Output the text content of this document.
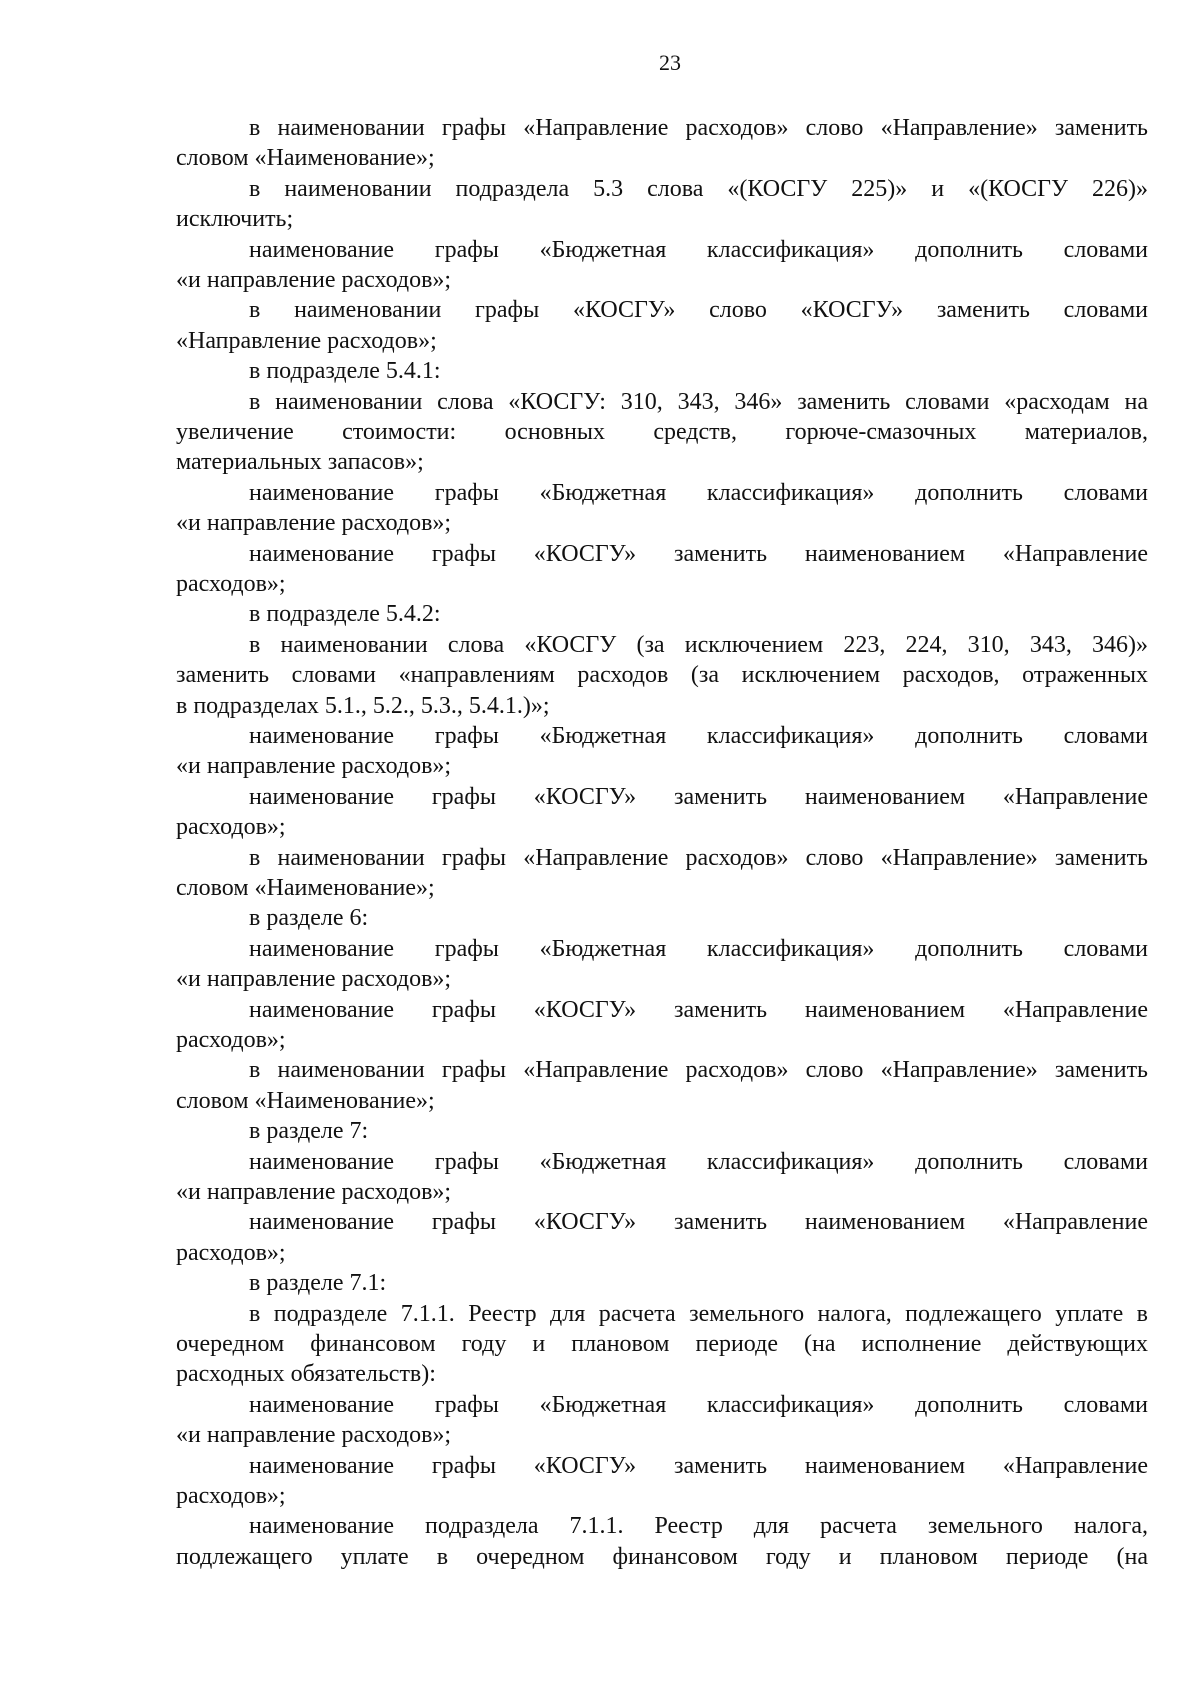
23
в наименовании графы «Направление расходов» слово «Направление» заменить
словом «Наименование»;
в наименовании подраздела 5.3 слова «(КОСГУ 225)» и «(КОСГУ 226)»
исключить;
наименование графы «Бюджетная классификация» дополнить словами
«и направление расходов»;
в наименовании графы «КОСГУ» слово «КОСГУ» заменить словами
«Направление расходов»;
в подразделе 5.4.1:
в наименовании слова «КОСГУ: 310, 343, 346» заменить словами «расходам на
увеличение стоимости: основных средств, горюче-смазочных материалов,
материальных запасов»;
наименование графы «Бюджетная классификация» дополнить словами
«и направление расходов»;
наименование графы «КОСГУ» заменить наименованием «Направление
расходов»;
в подразделе 5.4.2:
в наименовании слова «КОСГУ (за исключением 223, 224, 310, 343, 346)»
заменить словами «направлениям расходов (за исключением расходов, отраженных
в подразделах 5.1., 5.2., 5.3., 5.4.1.)»;
наименование графы «Бюджетная классификация» дополнить словами
«и направление расходов»;
наименование графы «КОСГУ» заменить наименованием «Направление
расходов»;
в наименовании графы «Направление расходов» слово «Направление» заменить
словом «Наименование»;
в разделе 6:
наименование графы «Бюджетная классификация» дополнить словами
«и направление расходов»;
наименование графы «КОСГУ» заменить наименованием «Направление
расходов»;
в наименовании графы «Направление расходов» слово «Направление» заменить
словом «Наименование»;
в разделе 7:
наименование графы «Бюджетная классификация» дополнить словами
«и направление расходов»;
наименование графы «КОСГУ» заменить наименованием «Направление
расходов»;
в разделе 7.1:
в подразделе 7.1.1. Реестр для расчета земельного налога, подлежащего уплате в
очередном финансовом году и плановом периоде (на исполнение действующих
расходных обязательств):
наименование графы «Бюджетная классификация» дополнить словами
«и направление расходов»;
наименование графы «КОСГУ» заменить наименованием «Направление
расходов»;
наименование подраздела 7.1.1. Реестр для расчета земельного налога,
подлежащего уплате в очередном финансовом году и плановом периоде (на
